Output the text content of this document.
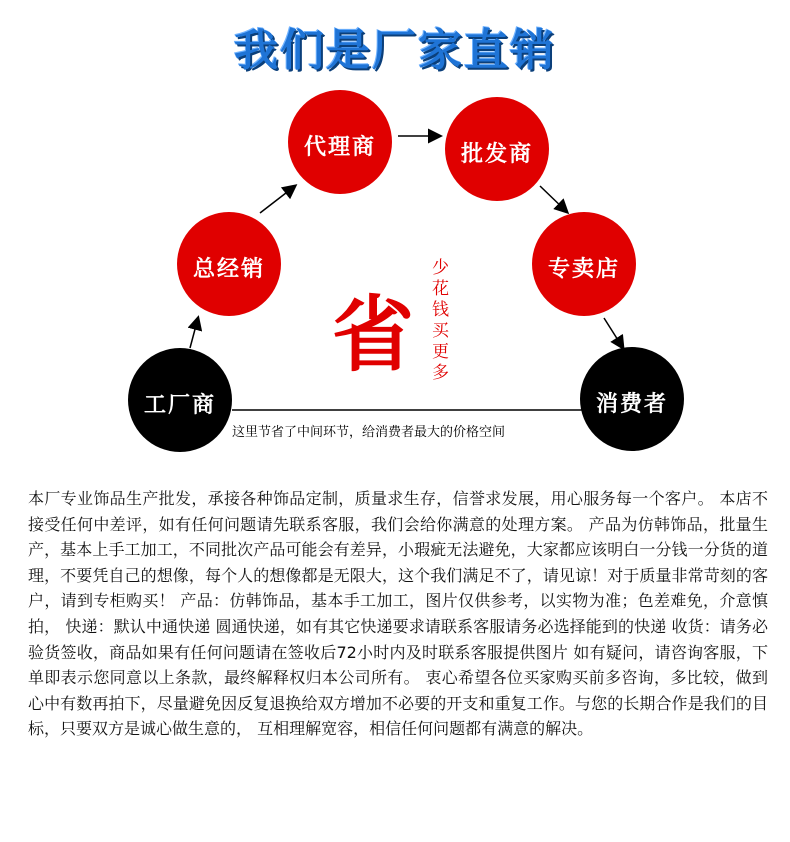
我们是厂家直销
工厂商
总经销
代理商	批发商
专卖店
消费者
省
少花钱买更多
这里节省了中间环节，给消费者最大的价格空间
本厂专业饰品生产批发，承接各种饰品定制，质量求生存，信誉求发展，用心服务每一个客户。 本店不接受任何中差评，如有任何问题请先联系客服，我们会给你满意的处理方案。 产品为仿韩饰品，批量生产，基本上手工加工，不同批次产品可能会有差异，小瑕疵无法避免，大家都应该明白一分钱一分货的道理，不要凭自己的想像，每个人的想像都是无限大，这个我们满足不了，请见谅！对于质量非常苛刻的客户，请到专柜购买！ 产品：仿韩饰品，基本手工加工，图片仅供参考，以实物为准；色差难免，介意慎拍， 快递：默认中通快递 圆通快递，如有其它快递要求请联系客服请务必选择能到的快递 收货：请务必验货签收，商品如果有任何问题请在签收后72小时内及时联系客服提供图片 如有疑问，请咨询客服，下单即表示您同意以上条款，最终解释权归本公司所有。 衷心希望各位买家购买前多咨询，多比较，做到心中有数再拍下，尽量避免因反复退换给双方增加不必要的开支和重复工作。与您的长期合作是我们的目标，只要双方是诚心做生意的， 互相理解宽容，相信任何问题都有满意的解决。
